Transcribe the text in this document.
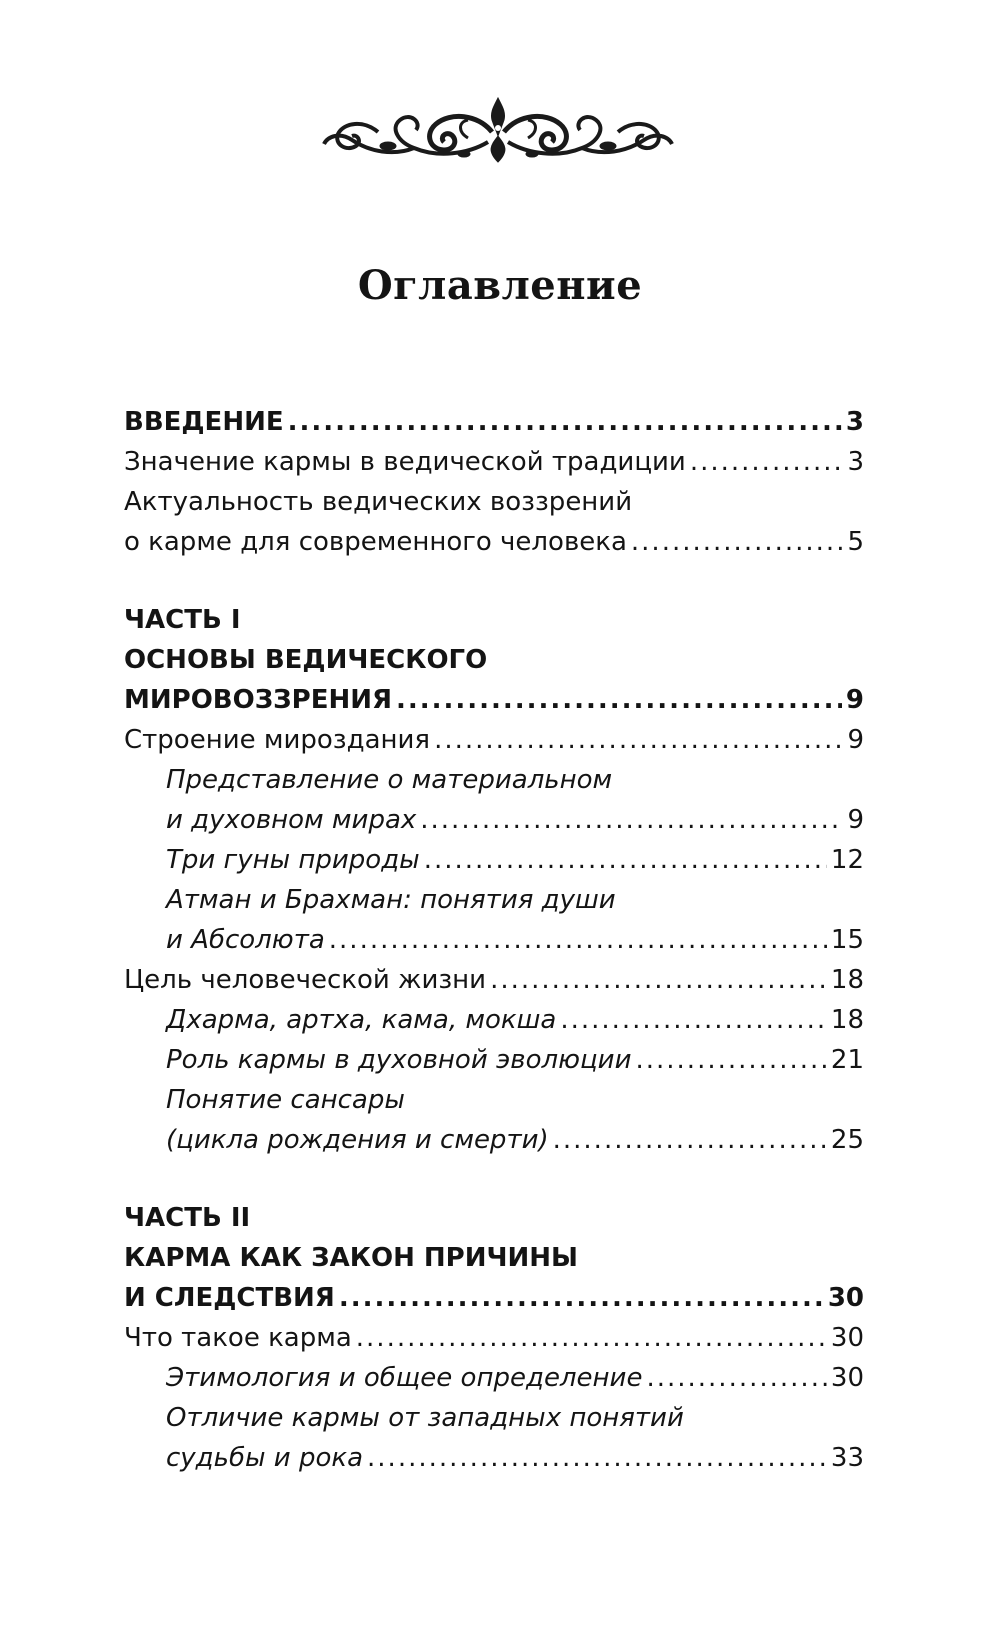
Оглавление
ВВЕДЕНИЕ .....	3
Значение кармы в ведической традиции .....	3
Актуальность ведических воззрений
о карме для современного человека .....	5
ЧАСТЬ I
ОСНОВЫ ВЕДИЧЕСКОГО
МИРОВОЗЗРЕНИЯ .....	9
Строение мироздания .....	9
Представление о материальном
и духовном мирах .....	9
Три гуны природы .....	12
Атман и Брахман: понятия души
и Абсолюта .....	15
Цель человеческой жизни .....	18
Дхарма, артха, кама, мокша .....	18
Роль кармы в духовной эволюции .....	21
Понятие сансары
(цикла рождения и смерти) .....	25
ЧАСТЬ II
КАРМА КАК ЗАКОН ПРИЧИНЫ
И СЛЕДСТВИЯ .....	30
Что такое карма .....	30
Этимология и общее определение .....	30
Отличие кармы от западных понятий
судьбы и рока .....	33
